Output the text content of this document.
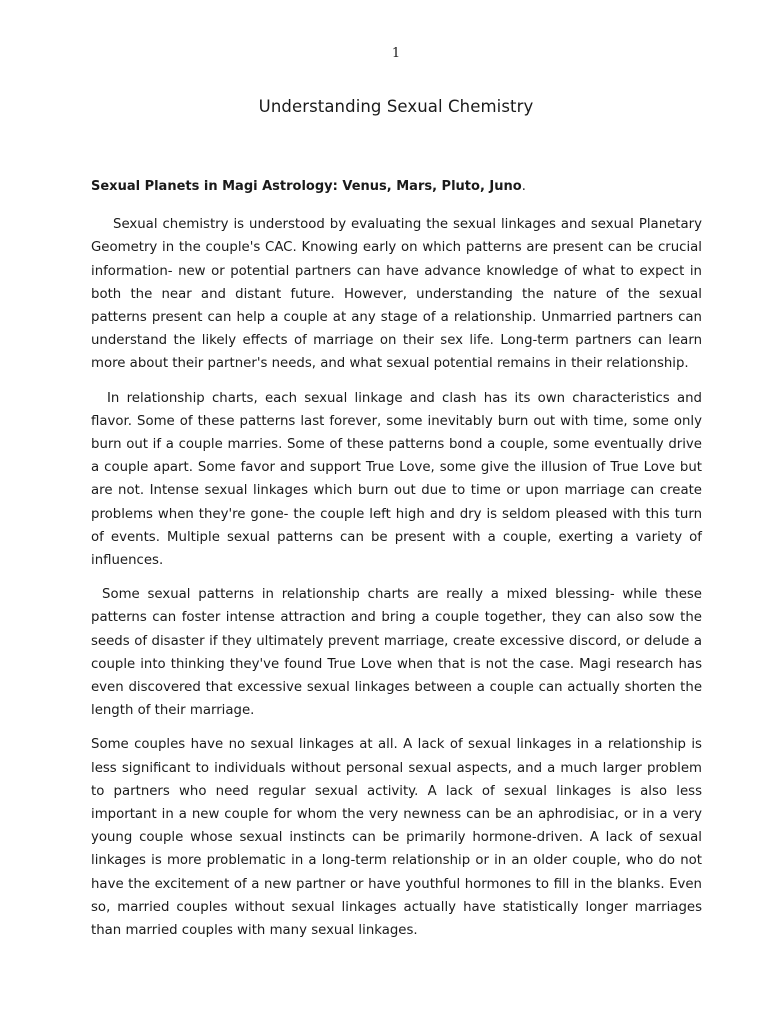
1
Understanding Sexual Chemistry
Sexual Planets in Magi Astrology: Venus, Mars, Pluto, Juno.

Sexual chemistry is understood by evaluating the sexual linkages and sexual Planetary Geometry in the couple's CAC. Knowing early on which patterns are present can be crucial information- new or potential partners can have advance knowledge of what to expect in both the near and distant future. However, understanding the nature of the sexual patterns present can help a couple at any stage of a relationship. Unmarried partners can understand the likely effects of marriage on their sex life. Long-term partners can learn more about their partner's needs, and what sexual potential remains in their relationship.

In relationship charts, each sexual linkage and clash has its own characteristics and flavor. Some of these patterns last forever, some inevitably burn out with time, some only burn out if a couple marries. Some of these patterns bond a couple, some eventually drive a couple apart. Some favor and support True Love, some give the illusion of True Love but are not. Intense sexual linkages which burn out due to time or upon marriage can create problems when they're gone- the couple left high and dry is seldom pleased with this turn of events. Multiple sexual patterns can be present with a couple, exerting a variety of influences.

Some sexual patterns in relationship charts are really a mixed blessing- while these patterns can foster intense attraction and bring a couple together, they can also sow the seeds of disaster if they ultimately prevent marriage, create excessive discord, or delude a couple into thinking they've found True Love when that is not the case. Magi research has even discovered that excessive sexual linkages between a couple can actually shorten the length of their marriage.

Some couples have no sexual linkages at all. A lack of sexual linkages in a relationship is less significant to individuals without personal sexual aspects, and a much larger problem to partners who need regular sexual activity. A lack of sexual linkages is also less important in a new couple for whom the very newness can be an aphrodisiac, or in a very young couple whose sexual instincts can be primarily hormone-driven. A lack of sexual linkages is more problematic in a long-term relationship or in an older couple, who do not have the excitement of a new partner or have youthful hormones to fill in the blanks. Even so, married couples without sexual linkages actually have statistically longer marriages than married couples with many sexual linkages.
